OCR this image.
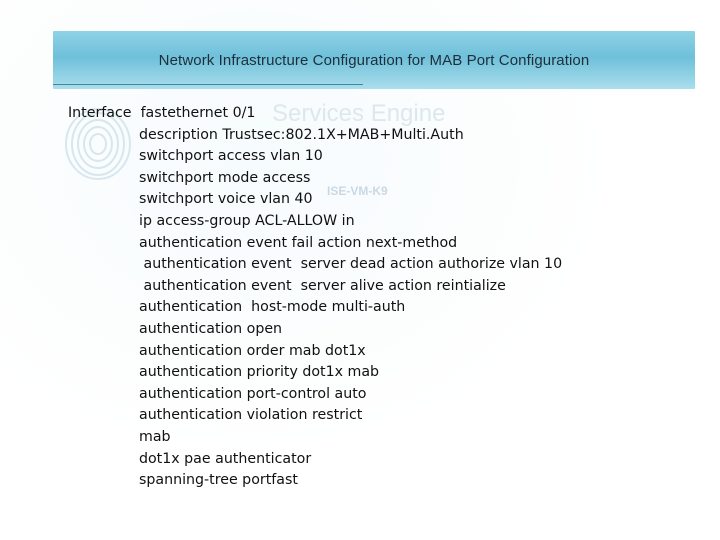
Services Engine
ISE-VM-K9
Network Infrastructure Configuration for MAB Port Configuration
Interface fastethernet 0/1
description Trustsec:802.1X+MAB+Multi.Auth
switchport access vlan 10
switchport mode access
switchport voice vlan 40
ip access-group ACL-ALLOW in
authentication event fail action next-method
authentication event  server dead action authorize vlan 10
authentication event  server alive action reintialize
authentication  host-mode multi-auth
authentication open
authentication order mab dot1x
authentication priority dot1x mab
authentication port-control auto
authentication violation restrict
mab
dot1x pae authenticator
spanning-tree portfast
